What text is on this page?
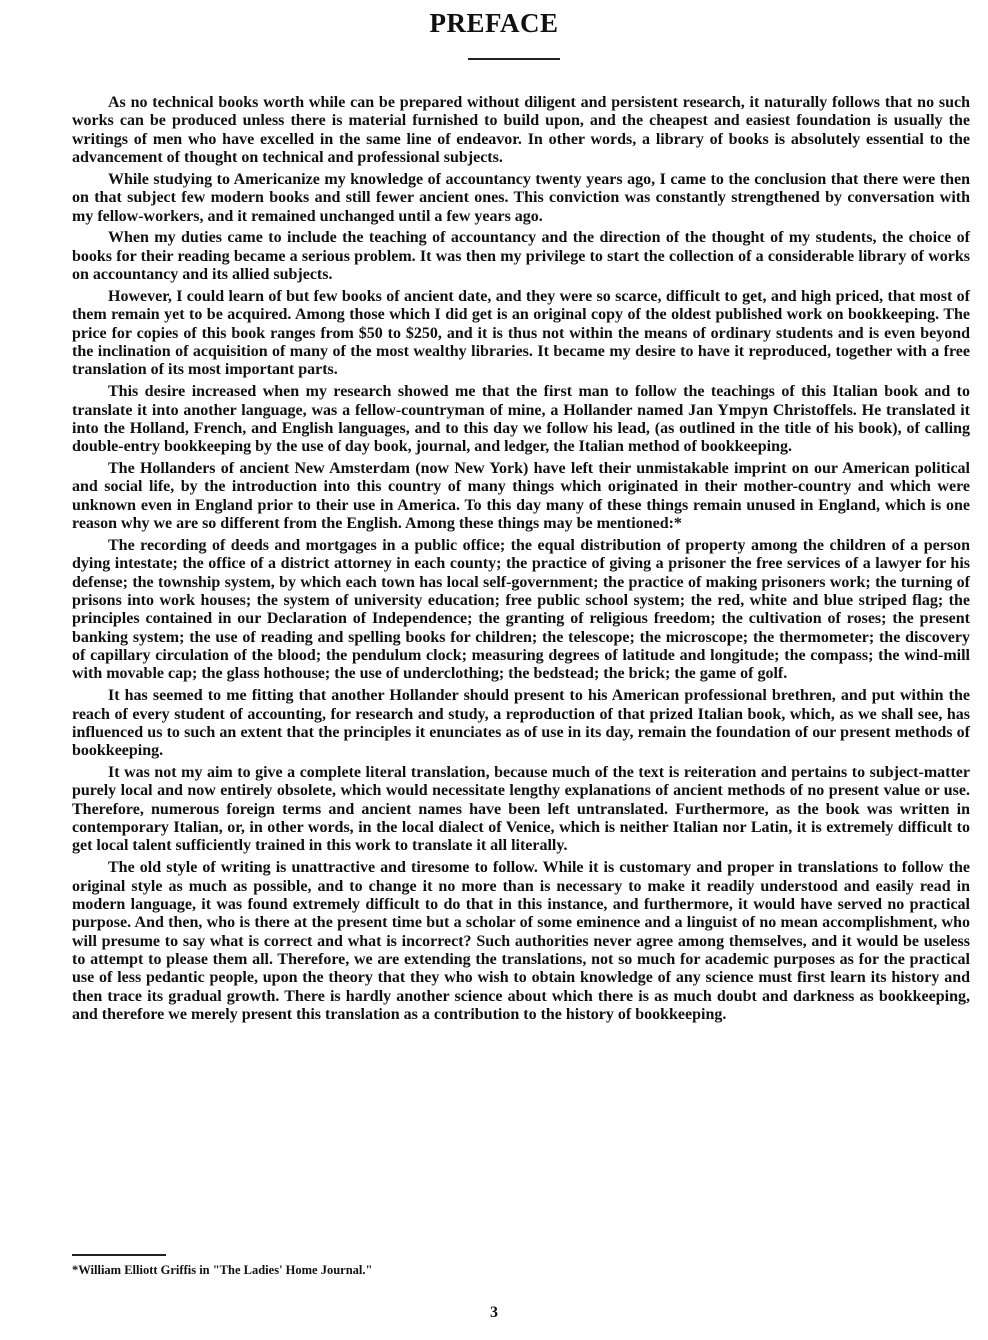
PREFACE

As no technical books worth while can be prepared without diligent and persistent research, it naturally follows that no such works can be produced unless there is material furnished to build upon, and the cheapest and easiest foundation is usually the writings of men who have excelled in the same line of endeavor. In other words, a library of books is absolutely essential to the advancement of thought on technical and professional subjects.

While studying to Americanize my knowledge of accountancy twenty years ago, I came to the conclusion that there were then on that subject few modern books and still fewer ancient ones. This conviction was constantly strengthened by conversation with my fellow-workers, and it remained unchanged until a few years ago.

When my duties came to include the teaching of accountancy and the direction of the thought of my students, the choice of books for their reading became a serious problem. It was then my privilege to start the collection of a considerable library of works on accountancy and its allied subjects.

However, I could learn of but few books of ancient date, and they were so scarce, difficult to get, and high priced, that most of them remain yet to be acquired. Among those which I did get is an original copy of the oldest published work on bookkeeping. The price for copies of this book ranges from $50 to $250, and it is thus not within the means of ordinary students and is even beyond the inclination of acquisition of many of the most wealthy libraries. It became my desire to have it reproduced, together with a free translation of its most important parts.

This desire increased when my research showed me that the first man to follow the teachings of this Italian book and to translate it into another language, was a fellow-countryman of mine, a Hollander named Jan Ympyn Christoffels. He translated it into the Holland, French, and English languages, and to this day we follow his lead, (as outlined in the title of his book), of calling double-entry bookkeeping by the use of day book, journal, and ledger, the Italian method of bookkeeping.

The Hollanders of ancient New Amsterdam (now New York) have left their unmistakable imprint on our American political and social life, by the introduction into this country of many things which originated in their mother-country and which were unknown even in England prior to their use in America. To this day many of these things remain unused in England, which is one reason why we are so different from the English. Among these things may be mentioned:*

The recording of deeds and mortgages in a public office; the equal distribution of property among the children of a person dying intestate; the office of a district attorney in each county; the practice of giving a prisoner the free services of a lawyer for his defense; the township system, by which each town has local self-government; the practice of making prisoners work; the turning of prisons into work houses; the system of university education; free public school system; the red, white and blue striped flag; the principles contained in our Declaration of Independence; the granting of religious freedom; the cultivation of roses; the present banking system; the use of reading and spelling books for children; the telescope; the microscope; the thermometer; the discovery of capillary circulation of the blood; the pendulum clock; measuring degrees of latitude and longitude; the compass; the wind-mill with movable cap; the glass hothouse; the use of underclothing; the bedstead; the brick; the game of golf.

It has seemed to me fitting that another Hollander should present to his American professional brethren, and put within the reach of every student of accounting, for research and study, a reproduction of that prized Italian book, which, as we shall see, has influenced us to such an extent that the principles it enunciates as of use in its day, remain the foundation of our present methods of bookkeeping.

It was not my aim to give a complete literal translation, because much of the text is reiteration and pertains to subject-matter purely local and now entirely obsolete, which would necessitate lengthy explanations of ancient methods of no present value or use. Therefore, numerous foreign terms and ancient names have been left untranslated. Furthermore, as the book was written in contemporary Italian, or, in other words, in the local dialect of Venice, which is neither Italian nor Latin, it is extremely difficult to get local talent sufficiently trained in this work to translate it all literally.

The old style of writing is unattractive and tiresome to follow. While it is customary and proper in translations to follow the original style as much as possible, and to change it no more than is necessary to make it readily understood and easily read in modern language, it was found extremely difficult to do that in this instance, and furthermore, it would have served no practical purpose. And then, who is there at the present time but a scholar of some eminence and a linguist of no mean accomplishment, who will presume to say what is correct and what is incorrect? Such authorities never agree among themselves, and it would be useless to attempt to please them all. Therefore, we are extending the translations, not so much for academic purposes as for the practical use of less pedantic people, upon the theory that they who wish to obtain knowledge of any science must first learn its history and then trace its gradual growth. There is hardly another science about which there is as much doubt and darkness as bookkeeping, and therefore we merely present this translation as a contribution to the history of bookkeeping.

*William Elliott Griffis in "The Ladies' Home Journal."
3
